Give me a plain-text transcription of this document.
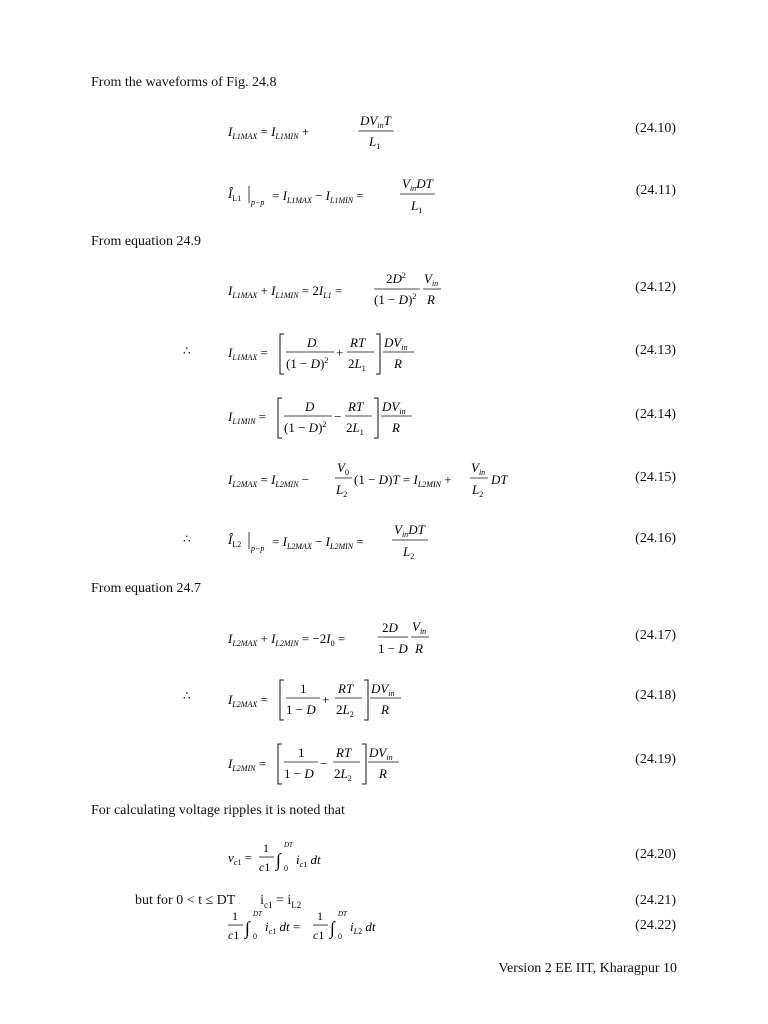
From the waveforms of Fig. 24.8
From equation 24.9
From equation 24.7
For calculating voltage ripples it is noted that
∴
∴
∴
(24.10)
(24.11)
(24.12)
(24.13)
(24.14)
(24.15)
(24.16)
(24.17)
(24.18)
(24.19)
(24.20)
(24.21)
(24.22)
$I_{L1MAX} = I_{L1MIN}$ +
$DV_{in}T$
$L_1$
$Î_{L1}$ $p-p = I_{L1MAX} - I_{L1MIN}$ =
$V_{in}DT$
$L_1$
$I_{L1MAX} + I_{L1MIN} = 2I_{L1}$ =
$2D^2$
$(1 - D)^2$
$V_{in}$
R
$I_{L1MAX}$ =
D
$(1 - D)^2$
+
RT
$2L_1$
$DV_{in}$
R
$I_{L1MIN}$ =
D
$(1 - D)^2$
−
RT
$2L_1$
$DV_{in}$
R
$I_{L2MAX} = I_{L2MIN}$ −
$V_0$
$L_2$
$(1 - D)T = I_{L2MIN}$ +
$V_{in}$
$L_2$
DT
$Î_{L2}$ $p-p = I_{L2MAX} - I_{L2MIN}$ =
$V_{in}DT$
$L_2$
$I_{L2MAX} + I_{L2MIN} = -2I_0$ =
2D
1 − D
$V_{in}$
R
$I_{L2MAX}$ =
1
1 − D
+
RT
$2L_2$
$DV_{in}$
R
$I_{L2MIN}$ =
1
1 − D
−
RT
$2L_2$
$DV_{in}$
R
$v_c1$ =
1
c1 ∫
DT
0
$i_c1$ dt
but for 0 < t ≤ DT $i_{c1} = i_{L2}$
1
c1 ∫
DT
0
$i_c1$ dt =
1
c1 ∫
DT
0
$i_L2$ dt
Version 2 EE IIT, Kharagpur 10
